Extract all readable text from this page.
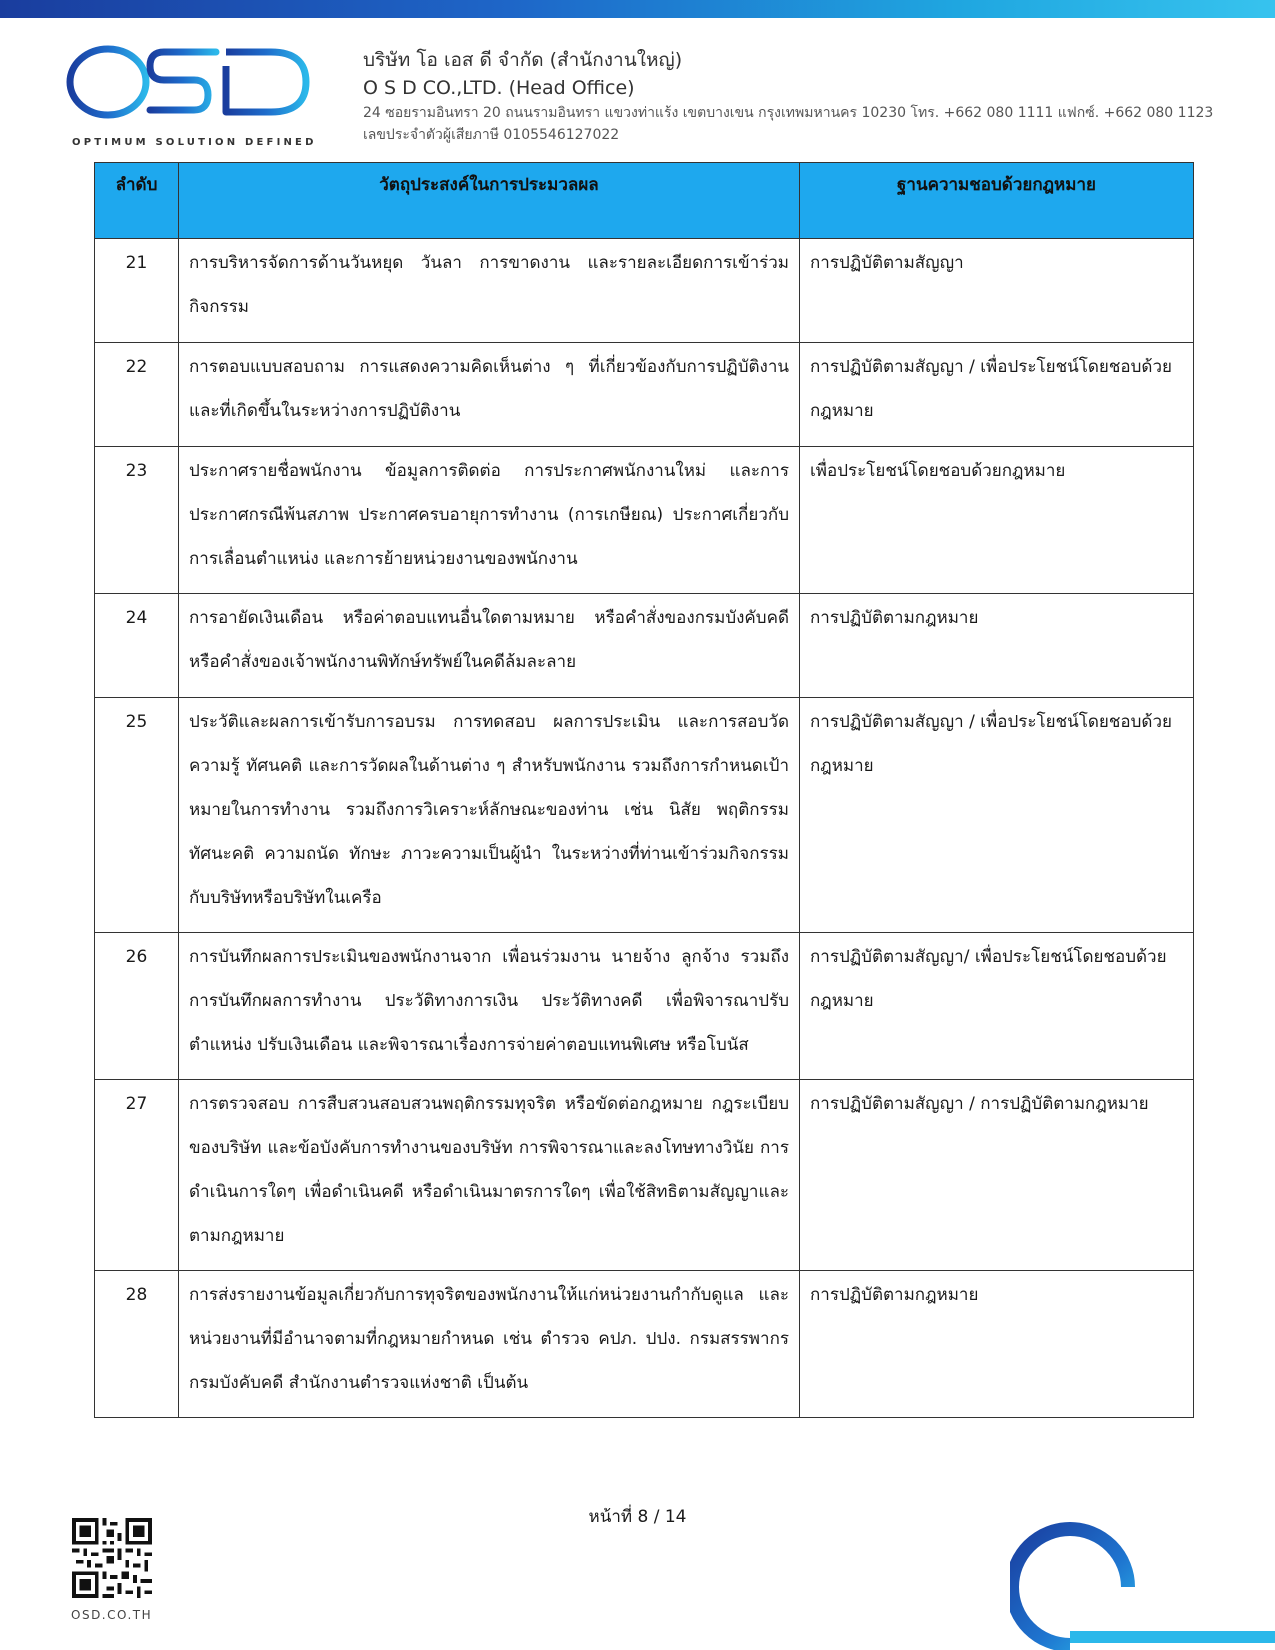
OPTIMUM SOLUTION DEFINED
บริษัท โอ เอส ดี จำกัด (สำนักงานใหญ่)
O S D CO.,LTD. (Head Office)
24 ซอยรามอินทรา 20 ถนนรามอินทรา แขวงท่าแร้ง เขตบางเขน กรุงเทพมหานคร 10230 โทร. +662 080 1111 แฟกซ์. +662 080 1123
เลขประจำตัวผู้เสียภาษี 0105546127022
ลำดับ	วัตถุประสงค์ในการประมวลผล	ฐานความชอบด้วยกฎหมาย
21	การบริหารจัดการด้านวันหยุด วันลา การขาดงาน และรายละเอียดการเข้าร่วมกิจกรรม	การปฏิบัติตามสัญญา
22	การตอบแบบสอบถาม การแสดงความคิดเห็นต่าง ๆ ที่เกี่ยวข้องกับการปฏิบัติงาน และที่เกิดขึ้นในระหว่างการปฏิบัติงาน	การปฏิบัติตามสัญญา / เพื่อประโยชน์โดยชอบด้วยกฎหมาย
23	ประกาศรายชื่อพนักงาน ข้อมูลการติดต่อ การประกาศพนักงานใหม่ และการประกาศกรณีพ้นสภาพ ประกาศครบอายุการทำงาน (การเกษียณ) ประกาศเกี่ยวกับการเลื่อนตำแหน่ง และการย้ายหน่วยงานของพนักงาน	เพื่อประโยชน์โดยชอบด้วยกฎหมาย
24	การอายัดเงินเดือน หรือค่าตอบแทนอื่นใดตามหมาย หรือคำสั่งของกรมบังคับคดี หรือคำสั่งของเจ้าพนักงานพิทักษ์ทรัพย์ในคดีล้มละลาย	การปฏิบัติตามกฎหมาย
25	ประวัติและผลการเข้ารับการอบรม การทดสอบ ผลการประเมิน และการสอบวัดความรู้ ทัศนคติ และการวัดผลในด้านต่าง ๆ สำหรับพนักงาน รวมถึงการกำหนดเป้าหมายในการทำงาน รวมถึงการวิเคราะห์ลักษณะของท่าน เช่น นิสัย พฤติกรรม ทัศนะคติ ความถนัด ทักษะ ภาวะความเป็นผู้นำ ในระหว่างที่ท่านเข้าร่วมกิจกรรมกับบริษัทหรือบริษัทในเครือ	การปฏิบัติตามสัญญา / เพื่อประโยชน์โดยชอบด้วยกฎหมาย
26	การบันทึกผลการประเมินของพนักงานจาก เพื่อนร่วมงาน นายจ้าง ลูกจ้าง รวมถึงการบันทึกผลการทำงาน ประวัติทางการเงิน ประวัติทางคดี เพื่อพิจารณาปรับตำแหน่ง ปรับเงินเดือน และพิจารณาเรื่องการจ่ายค่าตอบแทนพิเศษ หรือโบนัส	การปฏิบัติตามสัญญา/ เพื่อประโยชน์โดยชอบด้วยกฎหมาย
27	การตรวจสอบ การสืบสวนสอบสวนพฤติกรรมทุจริต หรือขัดต่อกฎหมาย กฎระเบียบของบริษัท และข้อบังคับการทำงานของบริษัท การพิจารณาและลงโทษทางวินัย การดำเนินการใดๆ เพื่อดำเนินคดี หรือดำเนินมาตรการใดๆ เพื่อใช้สิทธิตามสัญญาและตามกฎหมาย	การปฏิบัติตามสัญญา / การปฏิบัติตามกฎหมาย
28	การส่งรายงานข้อมูลเกี่ยวกับการทุจริตของพนักงานให้แก่หน่วยงานกำกับดูแล และหน่วยงานที่มีอำนาจตามที่กฎหมายกำหนด เช่น ตำรวจ คปภ. ปปง. กรมสรรพากร กรมบังคับคดี สำนักงานตำรวจแห่งชาติ เป็นต้น	การปฏิบัติตามกฎหมาย
หน้าที่ 8 / 14
OSD.CO.TH
